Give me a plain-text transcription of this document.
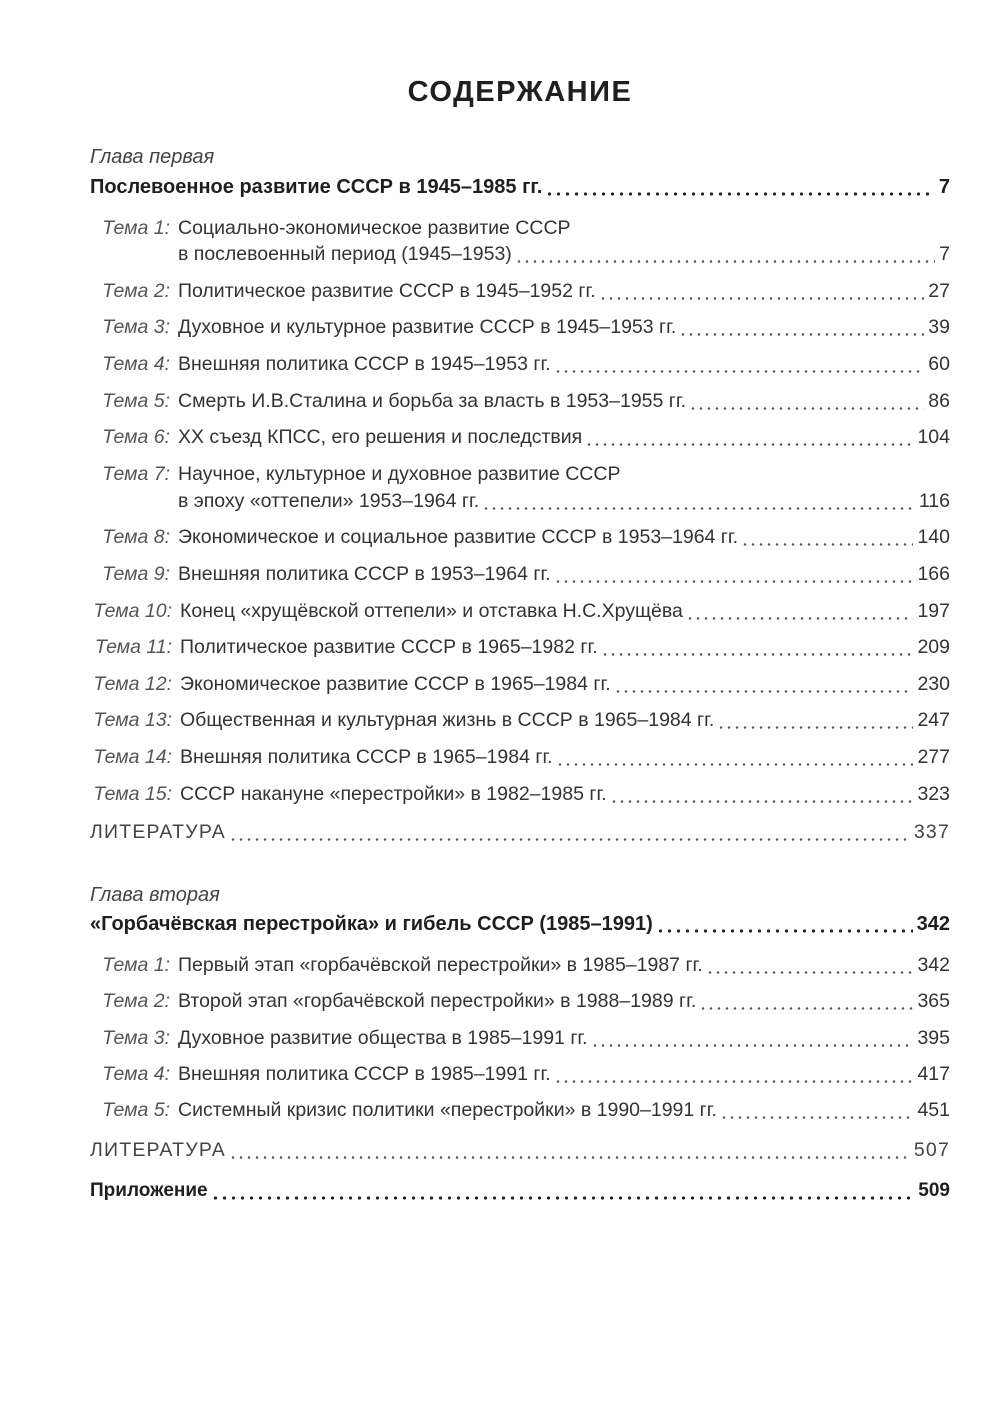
СОДЕРЖАНИЕ
Глава первая
Послевоенное развитие СССР в 1945–1985 гг.	7
Тема 1: Социально-экономическое развитие СССР
в послевоенный период (1945–1953)	7
Тема 2: Политическое развитие СССР в 1945–1952 гг.	27
Тема 3: Духовное и культурное развитие СССР в 1945–1953 гг.	39
Тема 4: Внешняя политика СССР в 1945–1953 гг.	60
Тема 5: Смерть И.В.Сталина и борьба за власть в 1953–1955 гг.	86
Тема 6: XX съезд КПСС, его решения и последствия	104
Тема 7: Научное, культурное и духовное развитие СССР
в эпоху «оттепели» 1953–1964 гг.	116
Тема 8: Экономическое и социальное развитие СССР в 1953–1964 гг.	140
Тема 9: Внешняя политика СССР в 1953–1964 гг.	166
Тема 10: Конец «хрущёвской оттепели» и отставка Н.С.Хрущёва	197
Тема 11: Политическое развитие СССР в 1965–1982 гг.	209
Тема 12: Экономическое развитие СССР в 1965–1984 гг.	230
Тема 13: Общественная и культурная жизнь в СССР в 1965–1984 гг.	247
Тема 14: Внешняя политика СССР в 1965–1984 гг.	277
Тема 15: СССР накануне «перестройки» в 1982–1985 гг.	323
ЛИТЕРАТУРА	337
Глава вторая
«Горбачёвская перестройка» и гибель СССР (1985–1991)	342
Тема 1: Первый этап «горбачёвской перестройки» в 1985–1987 гг.	342
Тема 2: Второй этап «горбачёвской перестройки» в 1988–1989 гг.	365
Тема 3: Духовное развитие общества в 1985–1991 гг.	395
Тема 4: Внешняя политика СССР в 1985–1991 гг.	417
Тема 5: Системный кризис политики «перестройки» в 1990–1991 гг.	451
ЛИТЕРАТУРА	507
Приложение	509
